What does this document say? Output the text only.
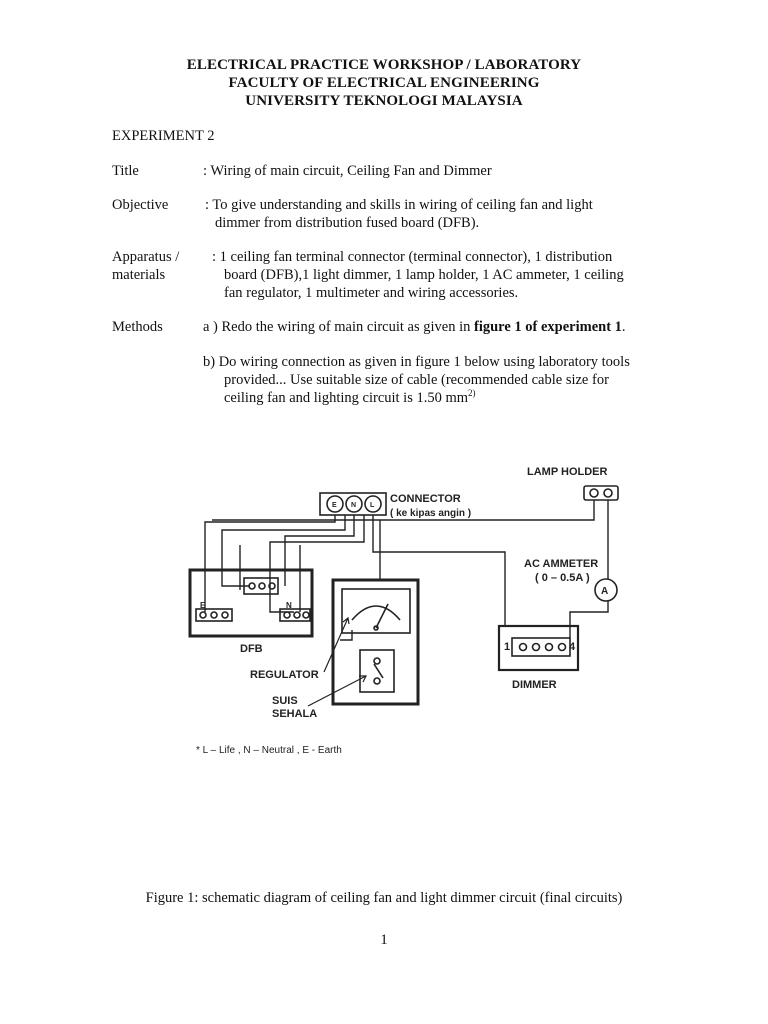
ELECTRICAL PRACTICE WORKSHOP / LABORATORY
FACULTY OF ELECTRICAL ENGINEERING
UNIVERSITY TEKNOLOGI MALAYSIA
EXPERIMENT 2
Title	: Wiring of main circuit, Ceiling Fan and Dimmer
Objective	: To give understanding and skills in wiring of ceiling fan and light
dimmer from distribution fused board (DFB).
Apparatus /
materials
: 1 ceiling fan terminal connector (terminal connector), 1 distribution
board (DFB),1 light dimmer, 1 lamp holder, 1 AC ammeter, 1 ceiling
fan regulator, 1 multimeter and wiring accessories.
Methods	a ) Redo the wiring of main circuit as given in figure 1 of experiment 1.
b) Do wiring connection as given in figure 1 below using laboratory tools
provided... Use suitable size of cable (recommended cable size for
ceiling fan and lighting circuit is 1.50 $mm^{2)}$
LAMP HOLDER
CONNECTOR
( ke kipas angin )
E N L
AC AMMETER
( 0 – 0.5A )
A
E	N
DFB
REGULATOR
SUIS
SEHALA
1	4
DIMMER
* L – Life , N – Neutral , E - Earth
Figure 1: schematic diagram of ceiling fan and light dimmer circuit (final circuits)
1
